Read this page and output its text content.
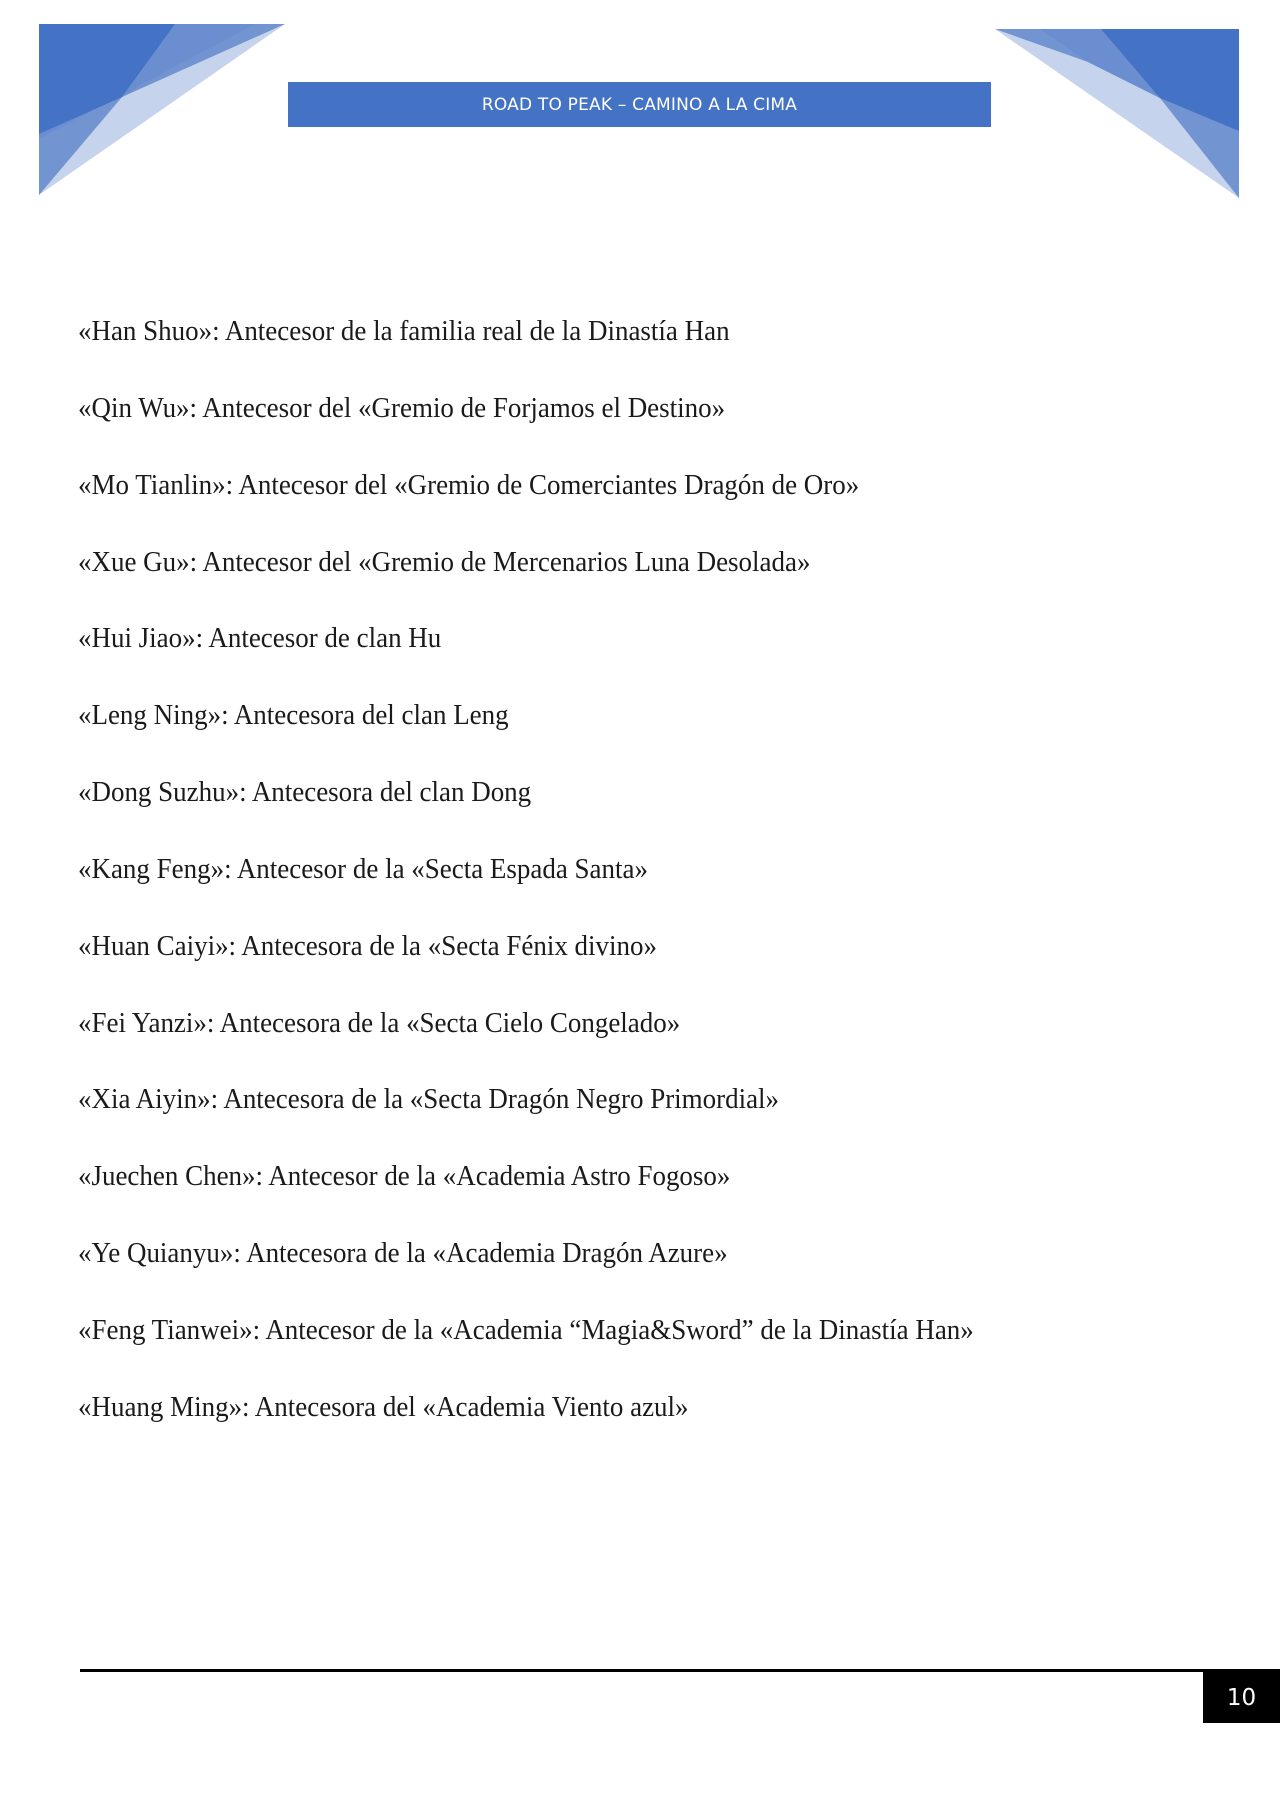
ROAD TO PEAK – CAMINO A LA CIMA
«Han Shuo»: Antecesor de la familia real de la Dinastía Han
«Qin Wu»: Antecesor del «Gremio de Forjamos el Destino»
«Mo Tianlin»: Antecesor del «Gremio de Comerciantes Dragón de Oro»
«Xue Gu»: Antecesor del «Gremio de Mercenarios Luna Desolada»
«Hui Jiao»: Antecesor de clan Hu
«Leng Ning»: Antecesora del clan Leng
«Dong Suzhu»: Antecesora del clan Dong
«Kang Feng»: Antecesor de la «Secta Espada Santa»
«Huan Caiyi»: Antecesora de la «Secta Fénix divino»
«Fei Yanzi»: Antecesora de la «Secta Cielo Congelado»
«Xia Aiyin»: Antecesora de la «Secta Dragón Negro Primordial»
«Juechen Chen»: Antecesor de la «Academia Astro Fogoso»
«Ye Quianyu»: Antecesora de la «Academia Dragón Azure»
«Feng Tianwei»: Antecesor de la «Academia “Magia&Sword” de la Dinastía Han»
«Huang Ming»: Antecesora del «Academia Viento azul»
10
